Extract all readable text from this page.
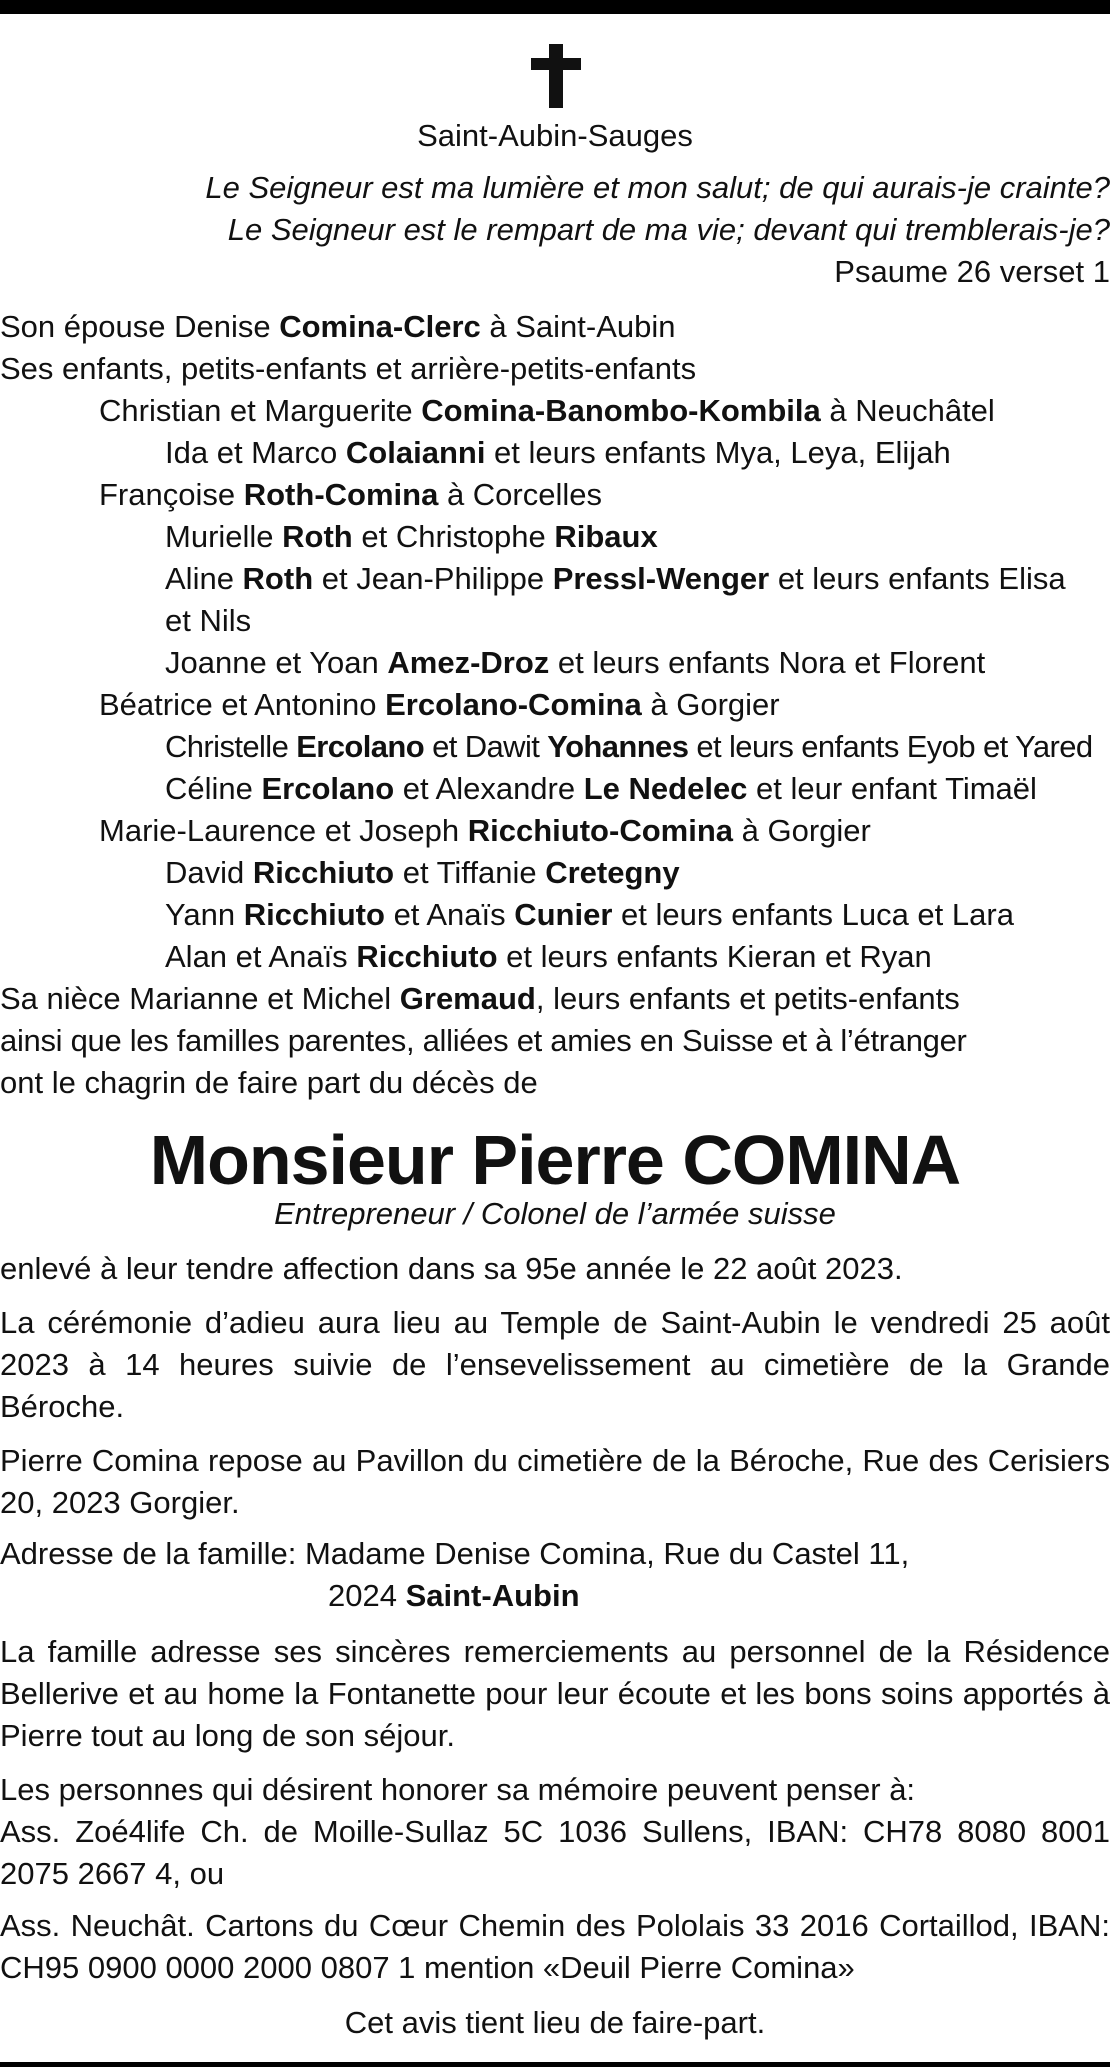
Saint-Aubin-Sauges
Le Seigneur est ma lumière et mon salut; de qui aurais-je crainte?
Le Seigneur est le rempart de ma vie; devant qui tremblerais-je?
Psaume 26 verset 1
Son épouse Denise Comina-Clerc à Saint-Aubin
Ses enfants, petits-enfants et arrière-petits-enfants
Christian et Marguerite Comina-Banombo-Kombila à Neuchâtel
Ida et Marco Colaianni et leurs enfants Mya, Leya, Elijah
Françoise Roth-Comina à Corcelles
Murielle Roth et Christophe Ribaux
Aline Roth et Jean-Philippe Pressl-Wenger et leurs enfants Elisa
et Nils
Joanne et Yoan Amez-Droz et leurs enfants Nora et Florent
Béatrice et Antonino Ercolano-Comina à Gorgier
Christelle Ercolano et Dawit Yohannes et leurs enfants Eyob et Yared
Céline Ercolano et Alexandre Le Nedelec et leur enfant Timaël
Marie-Laurence et Joseph Ricchiuto-Comina à Gorgier
David Ricchiuto et Tiffanie Cretegny
Yann Ricchiuto et Anaïs Cunier et leurs enfants Luca et Lara
Alan et Anaïs Ricchiuto et leurs enfants Kieran et Ryan
Sa nièce Marianne et Michel Gremaud, leurs enfants et petits-enfants
ainsi que les familles parentes, alliées et amies en Suisse et à l’étranger
ont le chagrin de faire part du décès de
Monsieur Pierre COMINA
Entrepreneur / Colonel de l’armée suisse
enlevé à leur tendre affection dans sa 95e année le 22 août 2023.
La cérémonie d’adieu aura lieu au Temple de Saint-Aubin le vendredi 25 août 2023 à 14 heures suivie de l’ensevelissement au cimetière de la Grande Béroche.
Pierre Comina repose au Pavillon du cimetière de la Béroche, Rue des Cerisiers 20, 2023 Gorgier.
Adresse de la famille: Madame Denise Comina, Rue du Castel 11,
2024 Saint-Aubin
La famille adresse ses sincères remerciements au personnel de la Résidence Bellerive et au home la Fontanette pour leur écoute et les bons soins apportés à Pierre tout au long de son séjour.
Les personnes qui désirent honorer sa mémoire peuvent penser à:
Ass. Zoé4life Ch. de Moille-Sullaz 5C 1036 Sullens, IBAN: CH78 8080 8001 2075 2667 4, ou
Ass. Neuchât. Cartons du Cœur Chemin des Pololais 33 2016 Cortaillod, IBAN: CH95 0900 0000 2000 0807 1 mention «Deuil Pierre Comina»
Cet avis tient lieu de faire-part.
